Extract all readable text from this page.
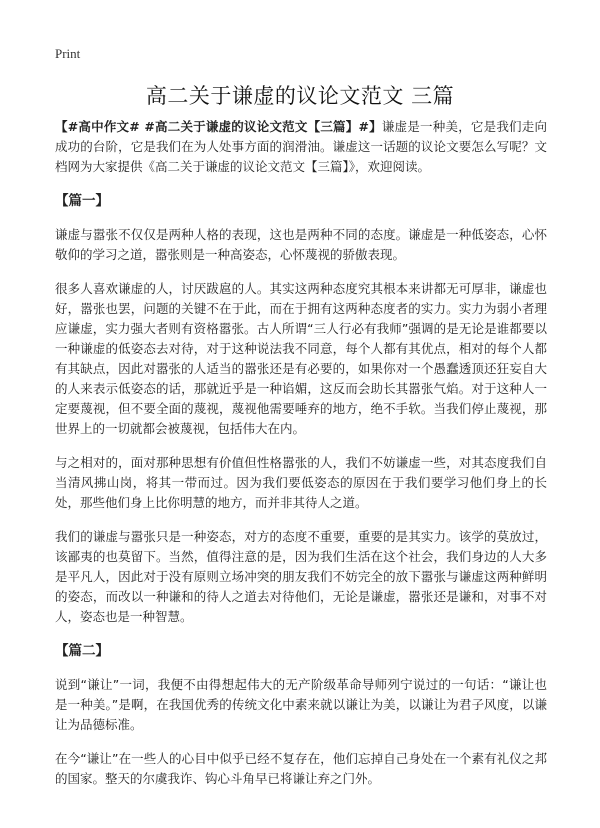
Print
高二关于谦虚的议论文范文 三篇

【#高中作文# #高二关于谦虚的议论文范文【三篇】#】谦虚是一种美，它是我们走向成功的台阶，它是我们在为人处事方面的润滑油。谦虚这一话题的议论文要怎么写呢？文档网为大家提供《高二关于谦虚的议论文范文【三篇】》，欢迎阅读。

【篇一】

谦虚与嚣张不仅仅是两种人格的表现，这也是两种不同的态度。谦虚是一种低姿态，心怀敬仰的学习之道，嚣张则是一种高姿态，心怀蔑视的骄傲表现。

很多人喜欢谦虚的人，讨厌跋扈的人。其实这两种态度究其根本来讲都无可厚非，谦虚也好，嚣张也罢，问题的关键不在于此，而在于拥有这两种态度者的实力。实力为弱小者理应谦虚，实力强大者则有资格嚣张。古人所谓“三人行必有我师”强调的是无论是谁都要以一种谦虚的低姿态去对待，对于这种说法我不同意，每个人都有其优点，相对的每个人都有其缺点，因此对嚣张的人适当的嚣张还是有必要的，如果你对一个愚蠢透顶还狂妄自大的人来表示低姿态的话，那就近乎是一种谄媚，这反而会助长其嚣张气焰。对于这种人一定要蔑视，但不要全面的蔑视，蔑视他需要唾弃的地方，绝不手软。当我们停止蔑视，那世界上的一切就都会被蔑视，包括伟大在内。

与之相对的，面对那种思想有价值但性格嚣张的人，我们不妨谦虚一些，对其态度我们自当清风拂山岗，将其一带而过。因为我们要低姿态的原因在于我们要学习他们身上的长处，那些他们身上比你明慧的地方，而并非其待人之道。

我们的谦虚与嚣张只是一种姿态，对方的态度不重要，重要的是其实力。该学的莫放过，该鄙夷的也莫留下。当然，值得注意的是，因为我们生活在这个社会，我们身边的人大多是平凡人，因此对于没有原则立场冲突的朋友我们不妨完全的放下嚣张与谦虚这两种鲜明的姿态，而改以一种谦和的待人之道去对待他们，无论是谦虚，嚣张还是谦和，对事不对人，姿态也是一种智慧。

【篇二】

说到“谦让”一词，我便不由得想起伟大的无产阶级革命导师列宁说过的一句话：“谦让也是一种美。”是啊，在我国优秀的传统文化中素来就以谦让为美，以谦让为君子风度，以谦让为品德标准。

在今“谦让”在一些人的心目中似乎已经不复存在，他们忘掉自己身处在一个素有礼仪之邦的国家。整天的尔虞我诈、钩心斗角早已将谦让弃之门外。
